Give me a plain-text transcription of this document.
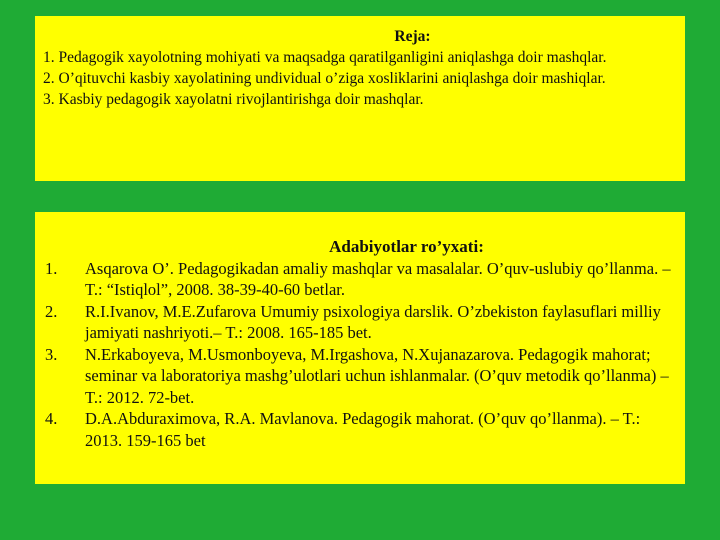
Reja:

1. Pedagogik xayolotning mohiyati va maqsadga qaratilganligini aniqlashga doir mashqlar.

2. O’qituvchi kasbiy xayolatining undividual o’ziga xosliklarini aniqlashga doir mashiqlar.

3. Kasbiy pedagogik xayolatni rivojlantirishga doir mashqlar.

Adabiyotlar ro’yxati:

1. Asqarova O’. Pedagogikadan amaliy mashqlar va masalalar. O’quv-uslubiy qo’llanma. – T.: “Istiqlol”, 2008. 38-39-40-60 betlar.
2. R.I.Ivanov, M.E.Zufarova Umumiy psixologiya darslik. O’zbekiston faylasuflari milliy jamiyati nashriyoti.– T.: 2008. 165-185 bet.
3. N.Erkaboyeva, M.Usmonboyeva, M.Irgashova, N.Xujanazarova. Pedagogik mahorat; seminar va laboratoriya mashg’ulotlari uchun ishlanmalar. (O’quv metodik qo’llanma) – T.: 2012. 72-bet.
4. D.A.Abduraximova, R.A. Mavlanova. Pedagogik mahorat. (O’quv qo’llanma). – T.: 2013. 159-165 bet
